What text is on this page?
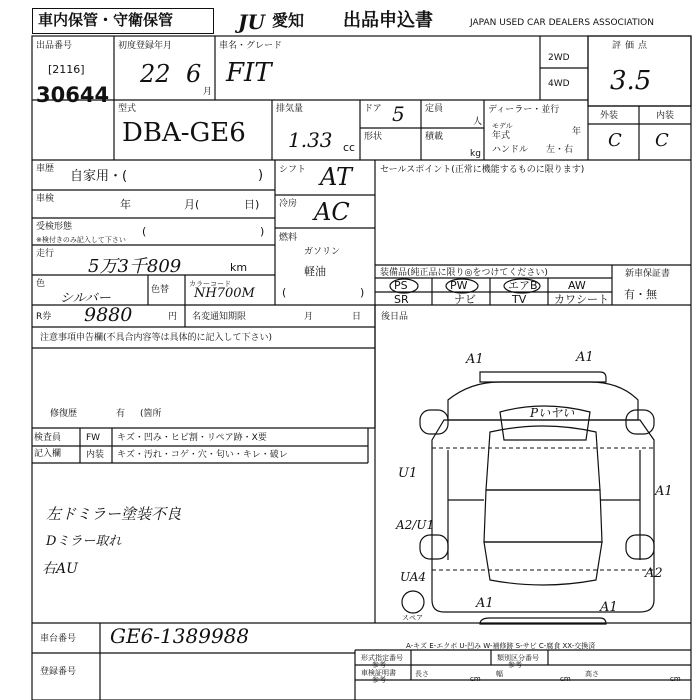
車内保管・守衛保管	JU 愛知 出品申込書	JAPAN USED CAR DEALERS ASSOCIATION
出品番号
[2116]
30644
初度登録年月
22 6
月
車名・グレード
FIT	2WD
4WD
評価点
3.5
外装	内装
C C
型式
DBA-GE6
排気量
1.33 cc
ドア 5 定員
人
形状	積載
kg
ディーラー・並行
モデル
年式	年
ハンドル 左・右
車歴 自家用・(	)
車検	年	月(	日)
受検形態
※検付きのみ記入して下さい
(	)
走行
5万3千809	km
色
シルバー
色替
カラーコード
NH700M
シフト AT
冷房 AC
燃料
ガソリン
軽油
(	)
セールスポイント(正常に機能するものに限ります)
装備品(純正品に限り◎をつけてください)
PS	PW	エアB	AW
SR	ナビ	TV	カワシート
新車保証書
有・無
R券 9880	円 名変通知期限	月	日 後日品
注意事項申告欄(不具合内容等は具体的に記入して下さい)
修復歴	有 (箇所
検査員
記入欄
FW キズ・凹み・ヒビ割・リペア跡・X要
内装 キズ・汚れ・コゲ・穴・匂い・キレ・破レ
左ドミラー塗装不良
Dミラー取れ
右AU
A1	A1
Pいヤい
A1
U1
A2/U1
UA4	A2
A1	A1
スペア
A-キズ E-エクボ U-凹み W-補修跡 S-サビ C-腐食 XX-交換済
車台番号 GE6-1389988
登録番号
形式指定番号
参考
類別区分番号
参考
車検証明書
参考
長さ
cm
幅
cm
高さ
cm
